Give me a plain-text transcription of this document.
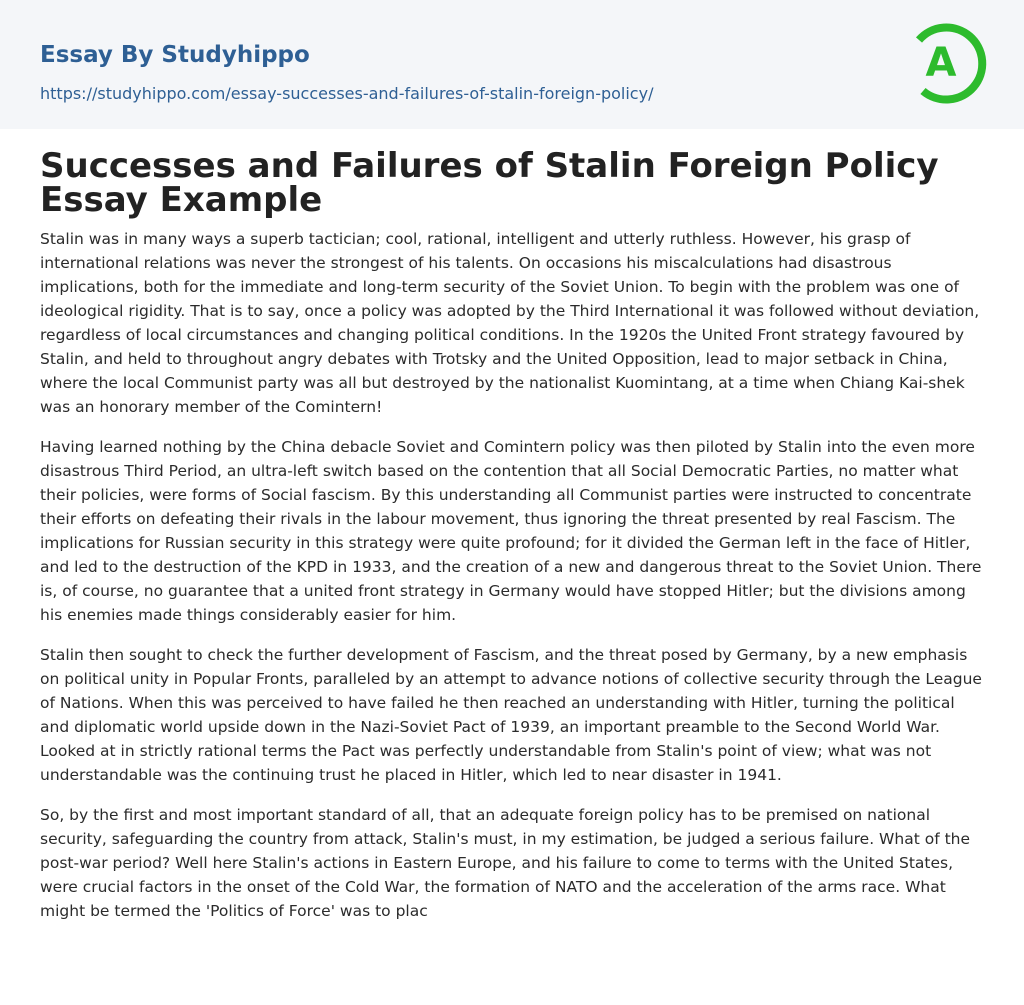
Essay By Studyhippo
https://studyhippo.com/essay-successes-and-failures-of-stalin-foreign-policy/
A
Successes and Failures of Stalin Foreign Policy Essay Example

Stalin was in many ways a superb tactician; cool, rational, intelligent and utterly ruthless. However, his grasp of international relations was never the strongest of his talents. On occasions his miscalculations had disastrous implications, both for the immediate and long-term security of the Soviet Union. To begin with the problem was one of ideological rigidity. That is to say, once a policy was adopted by the Third International it was followed without deviation, regardless of local circumstances and changing political conditions. In the 1920s the United Front strategy favoured by Stalin, and held to throughout angry debates with Trotsky and the United Opposition, lead to major setback in China, where the local Communist party was all but destroyed by the nationalist Kuomintang, at a time when Chiang Kai-shek was an honorary member of the Comintern!

Having learned nothing by the China debacle Soviet and Comintern policy was then piloted by Stalin into the even more disastrous Third Period, an ultra-left switch based on the contention that all Social Democratic Parties, no matter what their policies, were forms of Social fascism. By this understanding all Communist parties were instructed to concentrate their efforts on defeating their rivals in the labour movement, thus ignoring the threat presented by real Fascism. The implications for Russian security in this strategy were quite profound; for it divided the German left in the face of Hitler, and led to the destruction of the KPD in 1933, and the creation of a new and dangerous threat to the Soviet Union. There is, of course, no guarantee that a united front strategy in Germany would have stopped Hitler; but the divisions among his enemies made things considerably easier for him.

Stalin then sought to check the further development of Fascism, and the threat posed by Germany, by a new emphasis on political unity in Popular Fronts, paralleled by an attempt to advance notions of collective security through the League of Nations. When this was perceived to have failed he then reached an understanding with Hitler, turning the political and diplomatic world upside down in the Nazi-Soviet Pact of 1939, an important preamble to the Second World War. Looked at in strictly rational terms the Pact was perfectly understandable from Stalin's point of view; what was not understandable was the continuing trust he placed in Hitler, which led to near disaster in 1941.

So, by the first and most important standard of all, that an adequate foreign policy has to be premised on national security, safeguarding the country from attack, Stalin's must, in my estimation, be judged a serious failure. What of the post-war period? Well here Stalin's actions in Eastern Europe, and his failure to come to terms with the United States, were crucial factors in the onset of the Cold War, the formation of NATO and the acceleration of the arms race. What might be termed the 'Politics of Force' was to plac
